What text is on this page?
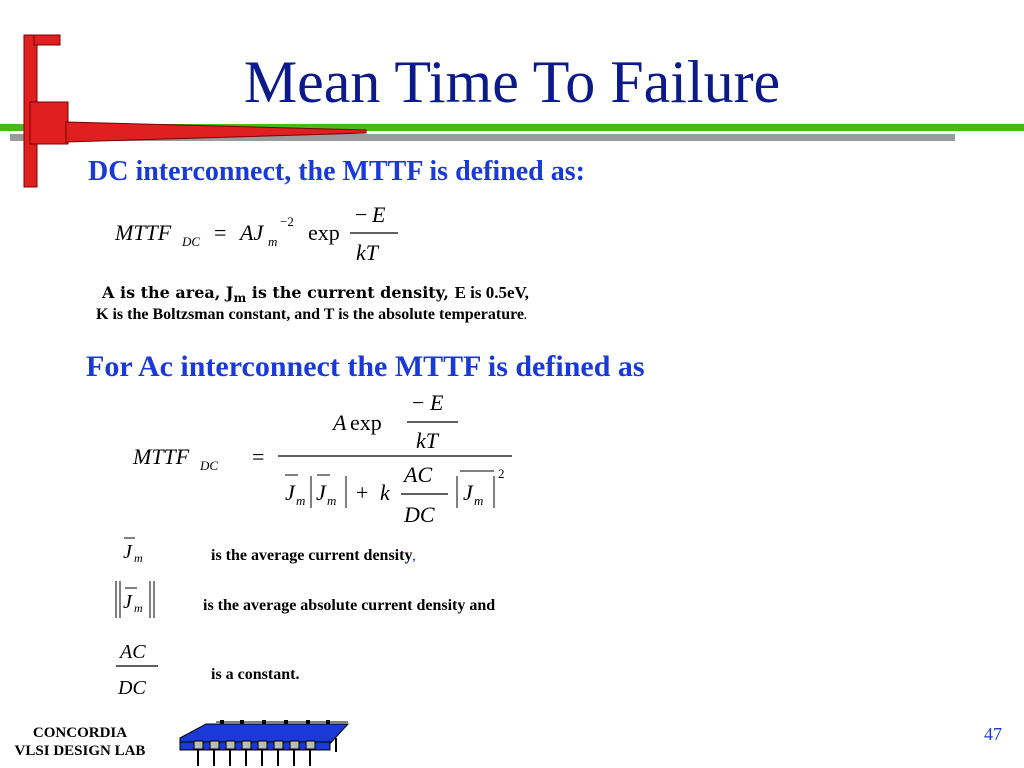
Mean Time To Failure
DC interconnect, the MTTF is defined as:
MTTF DC = AJ m
−2 exp
− E
kT
A is the area, $J_m$ is the current density, E is 0.5eV,
K is the Boltzsman constant, and T is the absolute temperature.
For Ac interconnect the MTTF is defined as
MTTF DC =
A exp
− E
kT
J m J m + k
AC
DC
J m
2
J m	is the average current density,
J m	is the average absolute current density and
AC
DC
is a constant.
CONCORDIA
VLSI DESIGN LAB
47
